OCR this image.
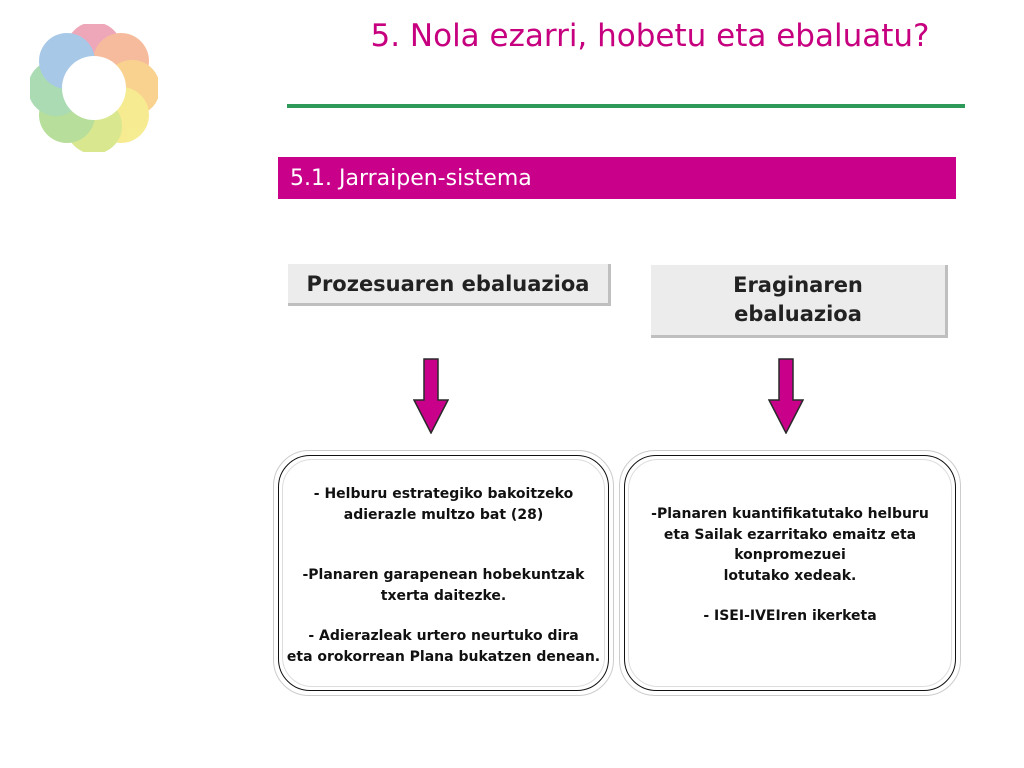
5. Nola ezarri, hobetu eta ebaluatu?
5.1. Jarraipen-sistema
Prozesuaren ebaluazioa	Eraginaren
ebaluazioa

- Helburu estrategiko bakoitzeko

adierazle multzo bat (28)

-Planaren garapenean hobekuntzak

txerta daitezke.

- Adierazleak urtero neurtuko dira

eta orokorrean Plana bukatzen denean.

-Planaren kuantifikatutako helburu

eta Sailak ezarritako emaitz eta

konpromezuei

lotutako xedeak.

- ISEI-IVEIren ikerketa
